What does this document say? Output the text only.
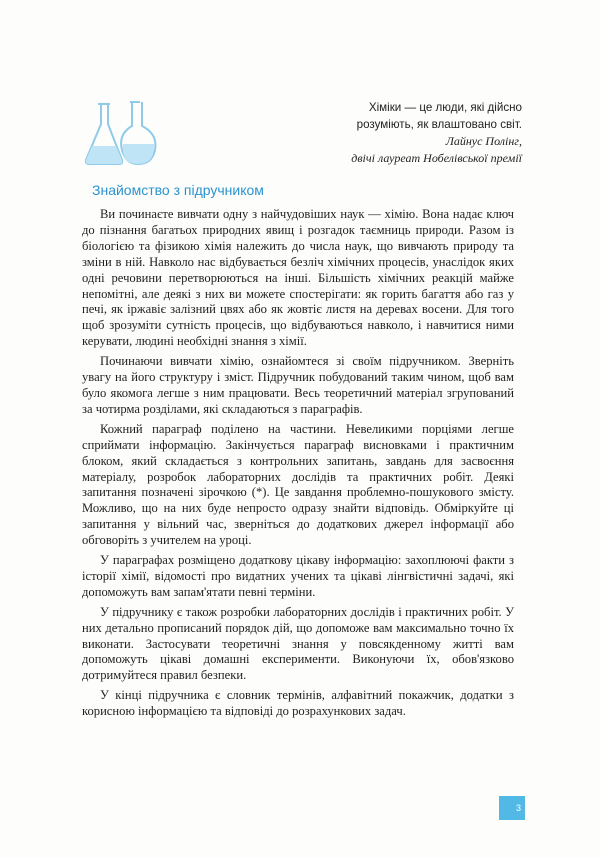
Хіміки — це люди, які дійсно
розуміють, як влаштовано світ.
Лайнус Полінг,
двічі лауреат Нобелівської премії
Знайомство з підручником

Ви починаєте вивчати одну з найчудовіших наук — хімію. Вона надає ключ до пізнання багатьох природних явищ і розгадок таємниць природи. Разом із біологією та фізикою хімія належить до числа наук, що вивчають природу та зміни в ній. Навколо нас відбувається безліч хімічних процесів, унаслідок яких одні речовини перетворюються на інші. Більшість хімічних реакцій майже непомітні, але деякі з них ви можете спостерігати: як горить багаття або газ у печі, як іржавіє залізний цвях або як жовтіє листя на деревах восени. Для того щоб зрозуміти сутність процесів, що відбуваються навколо, і навчитися ними керувати, людині необхідні знання з хімії.

Починаючи вивчати хімію, ознайомтеся зі своїм підручником. Зверніть увагу на його структуру і зміст. Підручник побудований таким чином, щоб вам було якомога легше з ним працювати. Весь теоретичний матеріал згрупований за чотирма розділами, які складаються з параграфів.

Кожний параграф поділено на частини. Невеликими порціями легше сприймати інформацію. Закінчується параграф висновками і практичним блоком, який складається з контрольних запитань, завдань для засвоєння матеріалу, розробок лабораторних дослідів та практичних робіт. Деякі запитання позначені зірочкою (*). Це завдання проблемно-пошукового змісту. Можливо, що на них буде непросто одразу знайти відповідь. Обміркуйте ці запитання у вільний час, зверніться до додаткових джерел інформації або обговоріть з учителем на уроці.

У параграфах розміщено додаткову цікаву інформацію: захоплюючі факти з історії хімії, відомості про видатних учених та цікаві лінгвістичні задачі, які допоможуть вам запам'ятати певні терміни.

У підручнику є також розробки лабораторних дослідів і практичних робіт. У них детально прописаний порядок дій, що допоможе вам максимально точно їх виконати. Застосувати теоретичні знання у повсякденному житті вам допоможуть цікаві домашні експерименти. Виконуючи їх, обов'язково дотримуйтеся правил безпеки.

У кінці підручника є словник термінів, алфавітний покажчик, додатки з корисною інформацією та відповіді до розрахункових задач.

3
